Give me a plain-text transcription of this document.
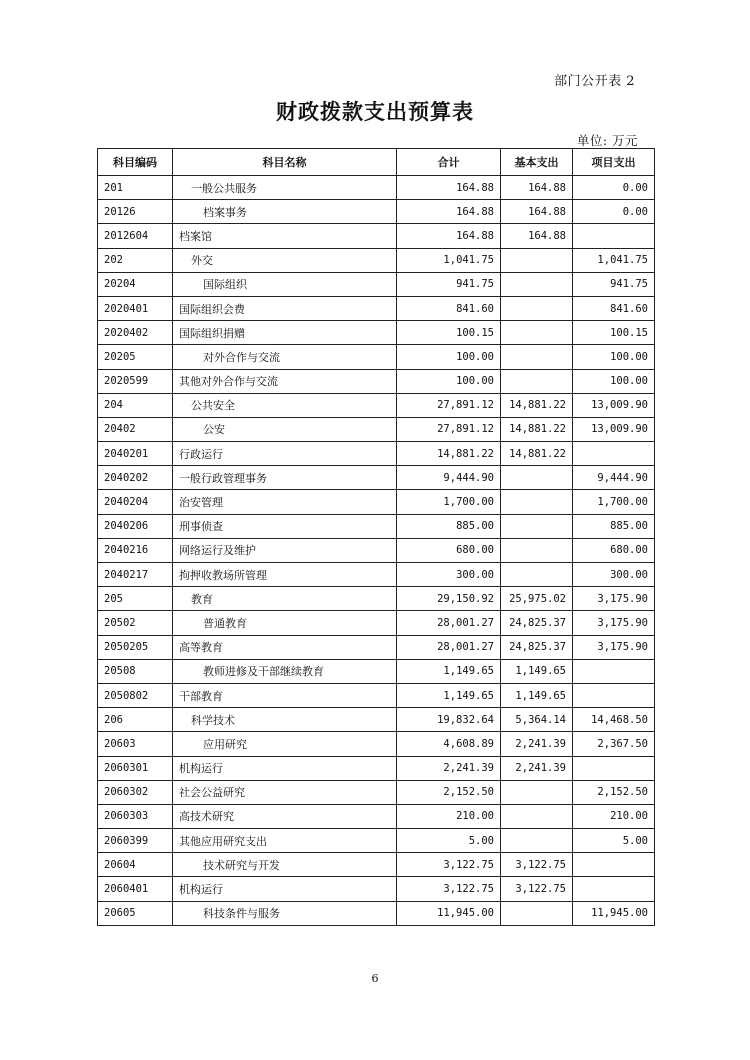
部门公开表 2
财政拨款支出预算表
单位: 万元
科目编码	科目名称	合计	基本支出	项目支出
201	一般公共服务	164.88	164.88	0.00
20126	档案事务	164.88	164.88	0.00
2012604	档案馆	164.88	164.88	
202	外交	1,041.75		1,041.75
20204	国际组织	941.75		941.75
2020401	国际组织会费	841.60		841.60
2020402	国际组织捐赠	100.15		100.15
20205	对外合作与交流	100.00		100.00
2020599	其他对外合作与交流	100.00		100.00
204	公共安全	27,891.12	14,881.22	13,009.90
20402	公安	27,891.12	14,881.22	13,009.90
2040201	行政运行	14,881.22	14,881.22	
2040202	一般行政管理事务	9,444.90		9,444.90
2040204	治安管理	1,700.00		1,700.00
2040206	刑事侦查	885.00		885.00
2040216	网络运行及维护	680.00		680.00
2040217	拘押收教场所管理	300.00		300.00
205	教育	29,150.92	25,975.02	3,175.90
20502	普通教育	28,001.27	24,825.37	3,175.90
2050205	高等教育	28,001.27	24,825.37	3,175.90
20508	教师进修及干部继续教育	1,149.65	1,149.65	
2050802	干部教育	1,149.65	1,149.65	
206	科学技术	19,832.64	5,364.14	14,468.50
20603	应用研究	4,608.89	2,241.39	2,367.50
2060301	机构运行	2,241.39	2,241.39	
2060302	社会公益研究	2,152.50		2,152.50
2060303	高技术研究	210.00		210.00
2060399	其他应用研究支出	5.00		5.00
20604	技术研究与开发	3,122.75	3,122.75	
2060401	机构运行	3,122.75	3,122.75	
20605	科技条件与服务	11,945.00		11,945.00
6
